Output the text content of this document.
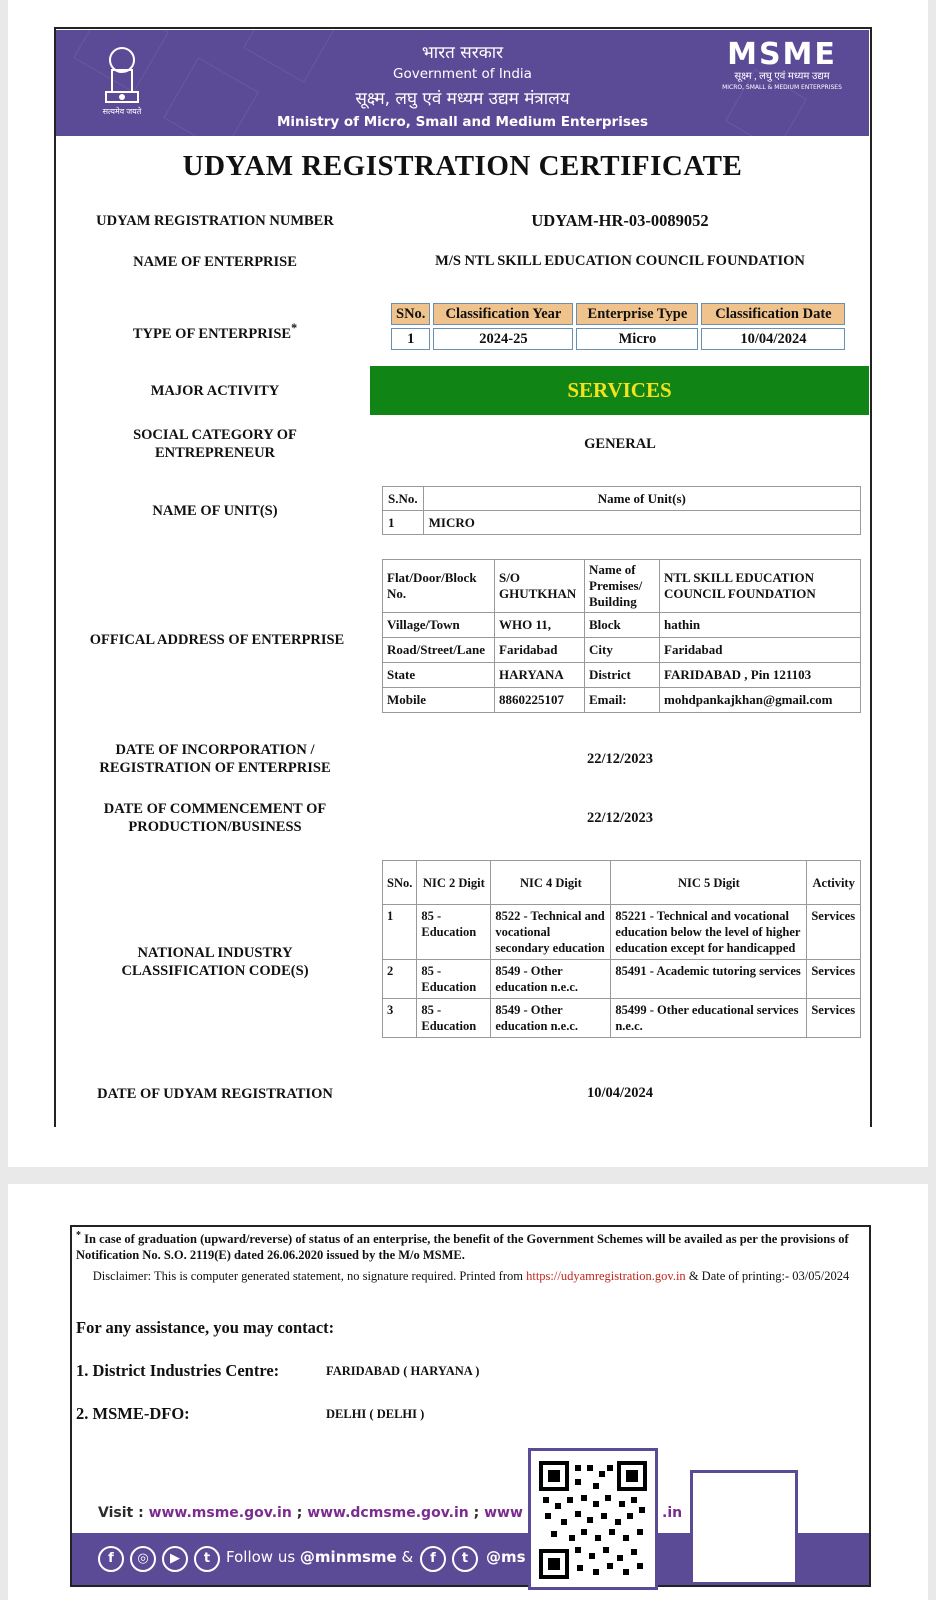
सत्यमेव जयते
भारत सरकार
Government of India
सूक्ष्म, लघु एवं मध्यम उद्यम मंत्रालय
Ministry of Micro, Small and Medium Enterprises
MSME
सूक्ष्म , लघु एवं मध्यम उद्यम
MICRO, SMALL & MEDIUM ENTERPRISES
UDYAM REGISTRATION CERTIFICATE
UDYAM REGISTRATION NUMBER	UDYAM-HR-03-0089052
NAME OF ENTERPRISE	M/S NTL SKILL EDUCATION COUNCIL FOUNDATION
TYPE OF ENTERPRISE*
SNo.	Classification Year	Enterprise Type	Classification Date
1	2024-25	Micro	10/04/2024
MAJOR ACTIVITY	SERVICES
SOCIAL CATEGORY OF
ENTREPRENEUR
GENERAL
NAME OF UNIT(S)
S.No.	Name of Unit(s)
1	MICRO
OFFICAL ADDRESS OF ENTERPRISE
Flat/Door/Block No.	S/O GHUTKHAN	Name of Premises/ Building	NTL SKILL EDUCATION COUNCIL FOUNDATION
Village/Town	WHO 11,	Block	hathin
Road/Street/Lane	Faridabad	City	Faridabad
State	HARYANA	District	FARIDABAD , Pin 121103
Mobile	8860225107	Email:	mohdpankajkhan@gmail.com
DATE OF INCORPORATION /
REGISTRATION OF ENTERPRISE
22/12/2023
DATE OF COMMENCEMENT OF
PRODUCTION/BUSINESS
22/12/2023
NATIONAL INDUSTRY
CLASSIFICATION CODE(S)
SNo.	NIC 2 Digit	NIC 4 Digit	NIC 5 Digit	Activity
1	85 - Education	8522 - Technical and vocational secondary education	85221 - Technical and vocational education below the level of higher education except for handicapped	Services
2	85 - Education	8549 - Other education n.e.c.	85491 - Academic tutoring services	Services
3	85 - Education	8549 - Other education n.e.c.	85499 - Other educational services n.e.c.	Services
DATE OF UDYAM REGISTRATION	10/04/2024
* In case of graduation (upward/reverse) of status of an enterprise, the benefit of the Government Schemes will be availed as per the provisions of Notification No. S.O. 2119(E) dated 26.06.2020 issued by the M/o MSME.
Disclaimer: This is computer generated statement, no signature required. Printed from https://udyamregistration.gov.in & Date of printing:- 03/05/2024
For any assistance, you may contact:
1. District Industries Centre:	FARIDABAD ( HARYANA )
2. MSME-DFO:	DELHI ( DELHI )
Visit : www.msme.gov.in ; www.dcmsme.gov.in ; www	.in
f	◎	▶	t	Follow us @minmsme &	f	t	@ms
